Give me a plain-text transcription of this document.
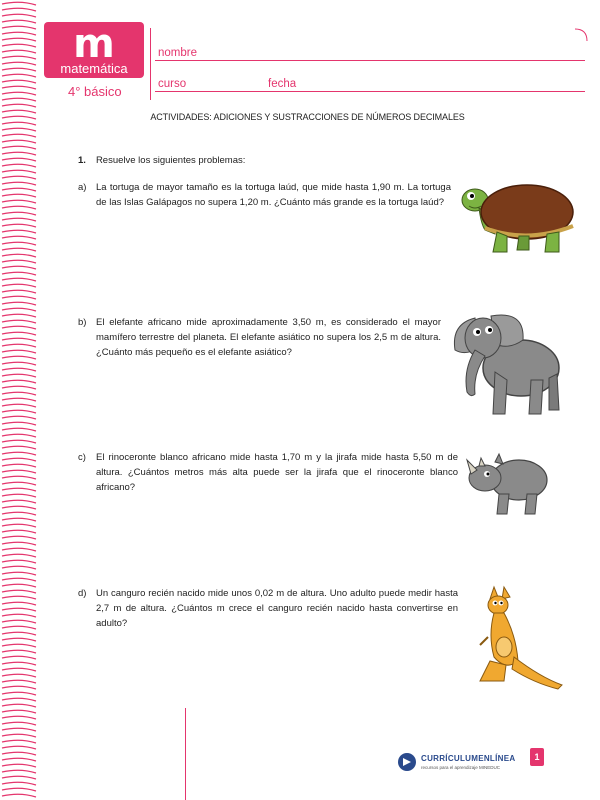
m
matemática
4° básico
nombre
curso	fecha
ACTIVIDADES: ADICIONES Y SUSTRACCIONES DE NÚMEROS DECIMALES
1. Resuelve los siguientes problemas:
a) La tortuga de mayor tamaño es la tortuga laúd, que mide hasta 1,90 m. La tortuga de las Islas Galápagos no supera 1,20 m. ¿Cuánto más grande es la tortuga laúd?
b) El elefante africano mide aproximadamente 3,50 m, es considerado el mayor mamífero terrestre del planeta. El elefante asiático no supera los 2,5 m de altura. ¿Cuánto más pequeño es el elefante asiático?
c) El rinoceronte blanco africano mide hasta 1,70 m y la jirafa mide hasta 5,50 m de altura. ¿Cuántos metros más alta puede ser la jirafa que el rinoceronte blanco africano?
d) Un canguro recién nacido mide unos 0,02 m de altura. Uno adulto puede medir hasta 2,7 m de altura. ¿Cuántos m crece el canguro recién nacido hasta convertirse en adulto?
CURRÍCULUMENLÍNEA
recursos para el aprendizaje MINEDUC
1
